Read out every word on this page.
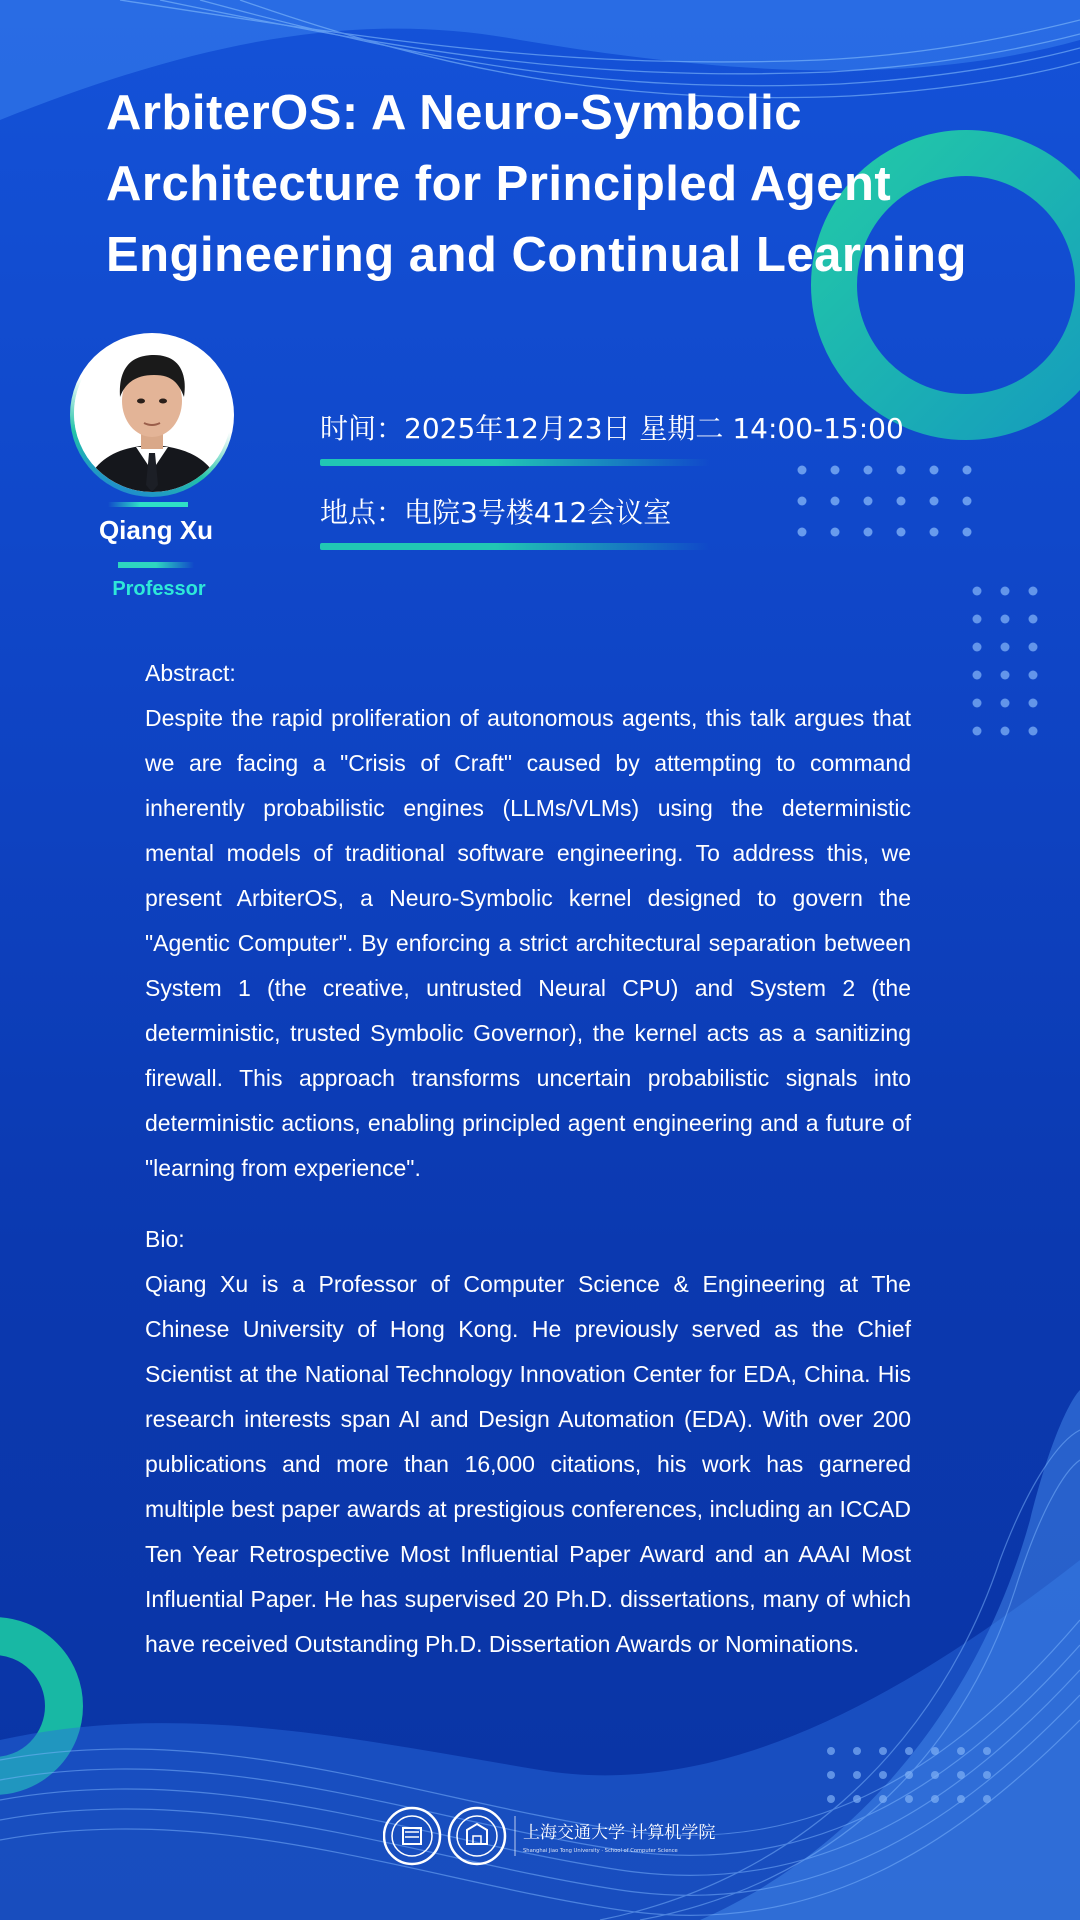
ArbiterOS: A Neuro-Symbolic Architecture for Principled Agent Engineering and Continual Learning
Qiang Xu
Professor
时间：2025年12月23日 星期二 14:00-15:00
地点：电院3号楼412会议室
Abstract:

Despite the rapid proliferation of autonomous agents, this talk argues that we are facing a "Crisis of Craft" caused by attempting to command inherently probabilistic engines (LLMs/VLMs) using the deterministic mental models of traditional software engineering. To address this, we present ArbiterOS, a Neuro-Symbolic kernel designed to govern the "Agentic Computer". By enforcing a strict architectural separation between System 1 (the creative, untrusted Neural CPU) and System 2 (the deterministic, trusted Symbolic Governor), the kernel acts as a sanitizing firewall. This approach transforms uncertain probabilistic signals into deterministic actions, enabling principled agent engineering and a future of "learning from experience".

Bio:

Qiang Xu is a Professor of Computer Science & Engineering at The Chinese University of Hong Kong. He previously served as the Chief Scientist at the National Technology Innovation Center for EDA, China. His research interests span AI and Design Automation (EDA). With over 200 publications and more than 16,000 citations, his work has garnered multiple best paper awards at prestigious conferences, including an ICCAD Ten Year Retrospective Most Influential Paper Award and an AAAI Most Influential Paper. He has supervised 20 Ph.D. dissertations, many of which have received Outstanding Ph.D. Dissertation Awards or Nominations.

上海交通大学 计算机学院
Shanghai Jiao Tong University · School of Computer Science
